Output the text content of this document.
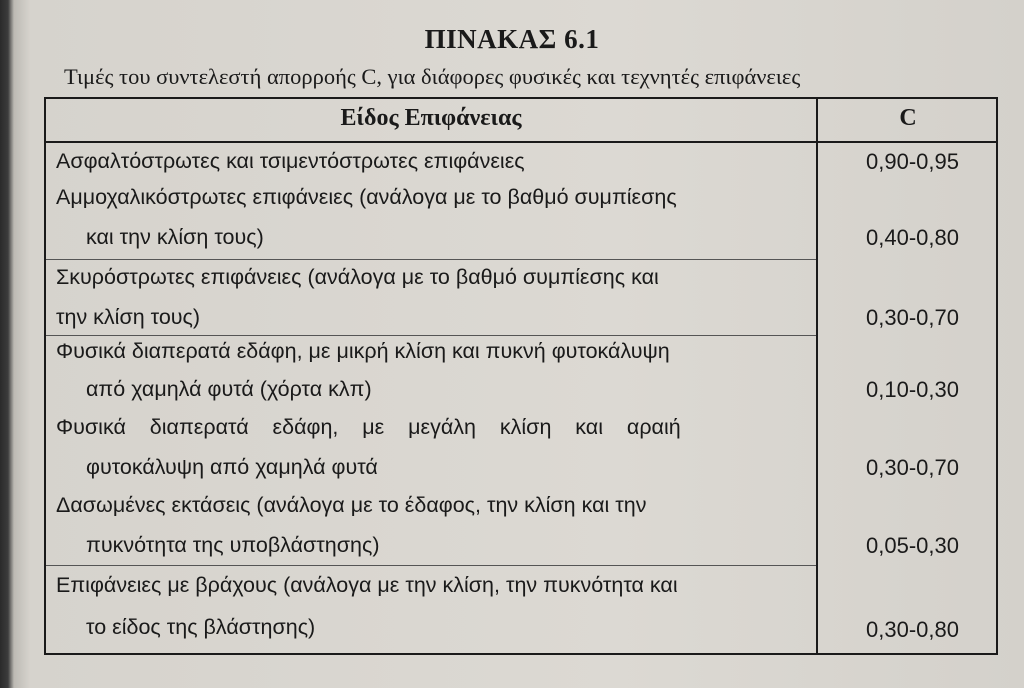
ΠΙΝΑΚΑΣ 6.1
Τιμές του συντελεστή απορροής C, για διάφορες φυσικές και τεχνητές επιφάνειες
Είδος Επιφάνειας	C
Ασφαλτόστρωτες και τσιμεντόστρωτες επιφάνειες	0,90-0,95
Αμμοχαλικόστρωτες επιφάνειες (ανάλογα με το βαθμό συμπίεσης
και την κλίση τους)	0,40-0,80
Σκυρόστρωτες επιφάνειες (ανάλογα με το βαθμό συμπίεσης και
την κλίση τους)	0,30-0,70
Φυσικά διαπερατά εδάφη, με μικρή κλίση και πυκνή φυτοκάλυψη
από χαμηλά φυτά (χόρτα κλπ)	0,10-0,30
Φυσικά    διαπερατά    εδάφη,    με    μεγάλη    κλίση    και    αραιή
φυτοκάλυψη από χαμηλά φυτά	0,30-0,70
Δασωμένες εκτάσεις (ανάλογα με το έδαφος, την κλίση και την
πυκνότητα της υποβλάστησης)	0,05-0,30
Επιφάνειες με βράχους (ανάλογα με την κλίση, την πυκνότητα και
το είδος της βλάστησης)	0,30-0,80
